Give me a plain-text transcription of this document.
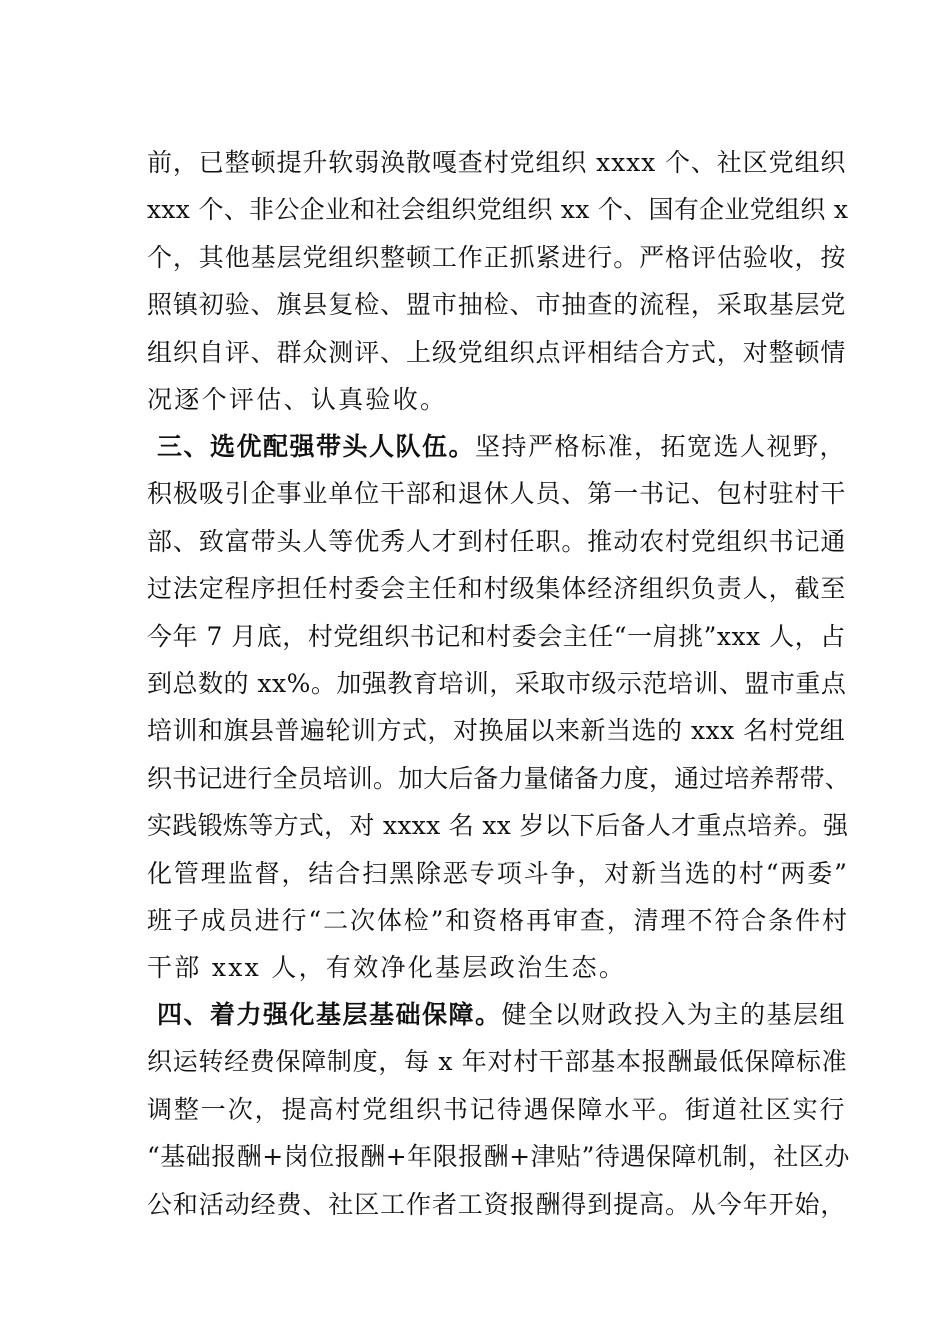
前，已整顿提升软弱涣散嘎查村党组织 xxxx 个、社区党组织
xxx 个、非公企业和社会组织党组织 xx 个、国有企业党组织 x
个，其他基层党组织整顿工作正抓紧进行。严格评估验收，按
照镇初验、旗县复检、盟市抽检、市抽查的流程，采取基层党
组织自评、群众测评、上级党组织点评相结合方式，对整顿情
况逐个评估、认真验收。
三、选优配强带头人队伍。坚持严格标准，拓宽选人视野，
积极吸引企事业单位干部和退休人员、第一书记、包村驻村干
部、致富带头人等优秀人才到村任职。推动农村党组织书记通
过法定程序担任村委会主任和村级集体经济组织负责人，截至
今年 7 月底，村党组织书记和村委会主任“一肩挑”xxx 人，占
到总数的 xx%。加强教育培训，采取市级示范培训、盟市重点
培训和旗县普遍轮训方式，对换届以来新当选的 xxx 名村党组
织书记进行全员培训。加大后备力量储备力度，通过培养帮带、
实践锻炼等方式，对 xxxx 名 xx 岁以下后备人才重点培养。强
化管理监督，结合扫黑除恶专项斗争，对新当选的村“两委”
班子成员进行“二次体检”和资格再审查，清理不符合条件村
干部 xxx 人，有效净化基层政治生态。
四、着力强化基层基础保障。健全以财政投入为主的基层组
织运转经费保障制度，每 x 年对村干部基本报酬最低保障标准
调整一次，提高村党组织书记待遇保障水平。街道社区实行
“基础报酬+岗位报酬+年限报酬+津贴”待遇保障机制，社区办
公和活动经费、社区工作者工资报酬得到提高。从今年开始，
